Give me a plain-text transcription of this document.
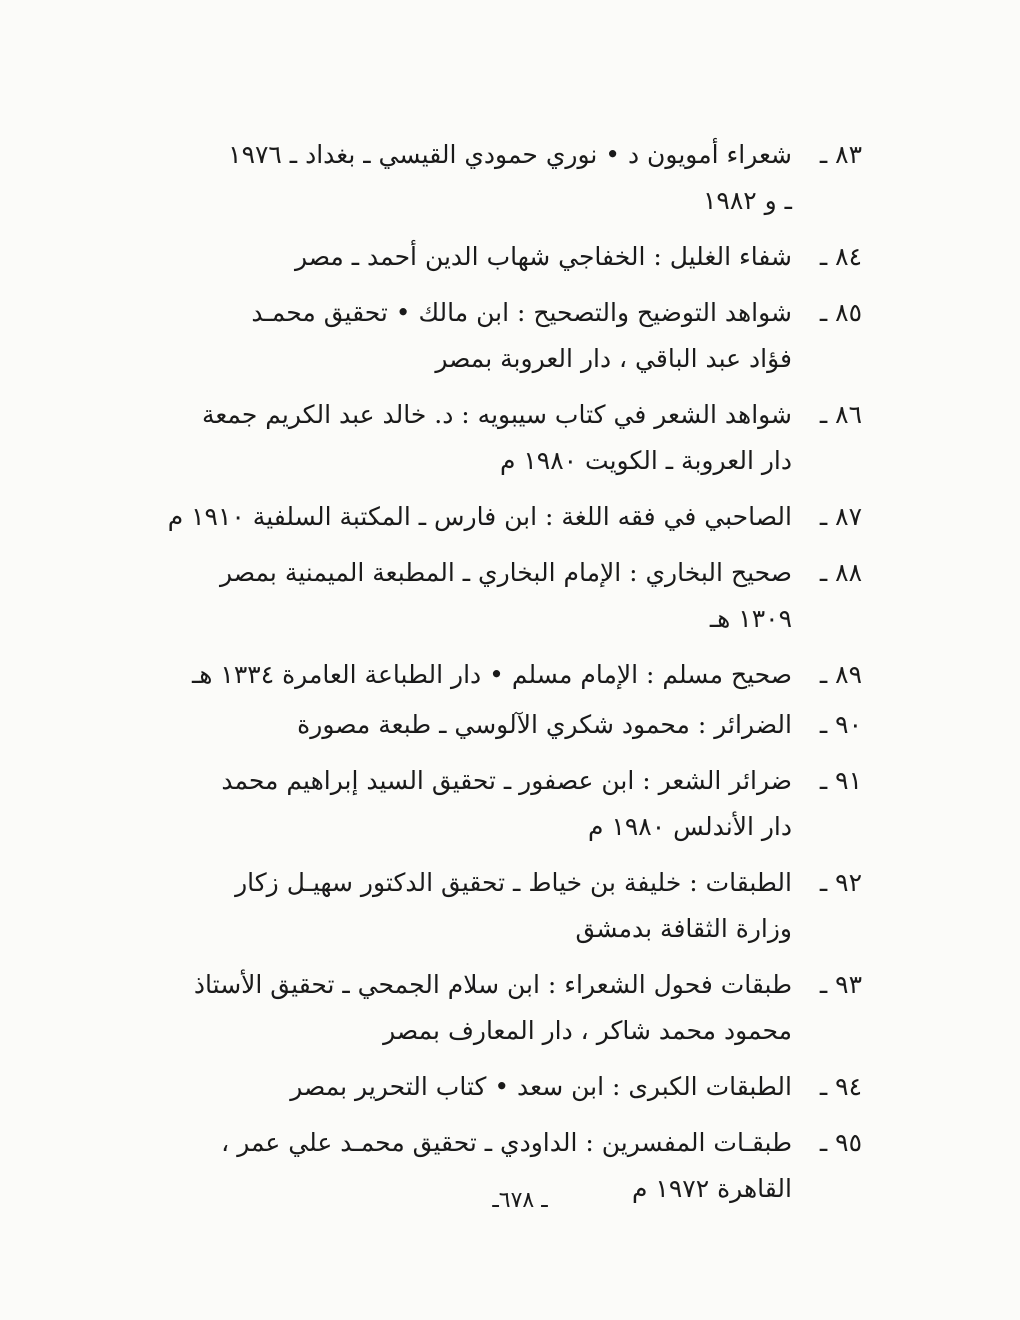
٨٣ ـ
شعراء أمويون د • نوري حمودي القيسي ـ بغداد ـ ١٩٧٦
ـ و ١٩٨٢
٨٤ ـ
شفاء الغليل : الخفاجي شهاب الدين أحمد ـ مصر
٨٥ ـ
شواهد التوضيح والتصحيح : ابن مالك • تحقيق محمـد
فؤاد عبد الباقي ، دار العروبة بمصر
٨٦ ـ
شواهد الشعر في كتاب سيبويه : د. خالد عبد الكريم جمعة
دار العروبة ـ الكويت ١٩٨٠ م
٨٧ ـ
الصاحبي في فقه اللغة : ابن فارس ـ المكتبة السلفية ١٩١٠ م
٨٨ ـ
صحيح البخاري : الإمام البخاري ـ المطبعة الميمنية بمصر
١٣٠٩ هـ
٨٩ ـ
صحيح مسلم : الإمام مسلم • دار الطباعة العامرة ١٣٣٤ هـ
٩٠ ـ
الضرائر : محمود شكري الآلوسي ـ طبعة مصورة
٩١ ـ
ضرائر الشعر : ابن عصفور ـ تحقيق السيد إبراهيم محمد
دار الأندلس ١٩٨٠ م
٩٢ ـ
الطبقات : خليفة بن خياط ـ تحقيق الدكتور سهيـل زكار
وزارة الثقافة بدمشق
٩٣ ـ
طبقات فحول الشعراء : ابن سلام الجمحي ـ تحقيق الأستاذ
محمود محمد شاكر ، دار المعارف بمصر
٩٤ ـ
الطبقات الكبرى : ابن سعد • كتاب التحرير بمصر
٩٥ ـ
طبقـات المفسرين : الداودي ـ تحقيق محمـد علي عمر ،
القاهرة ١٩٧٢ م
ـ ٦٧٨ـ
